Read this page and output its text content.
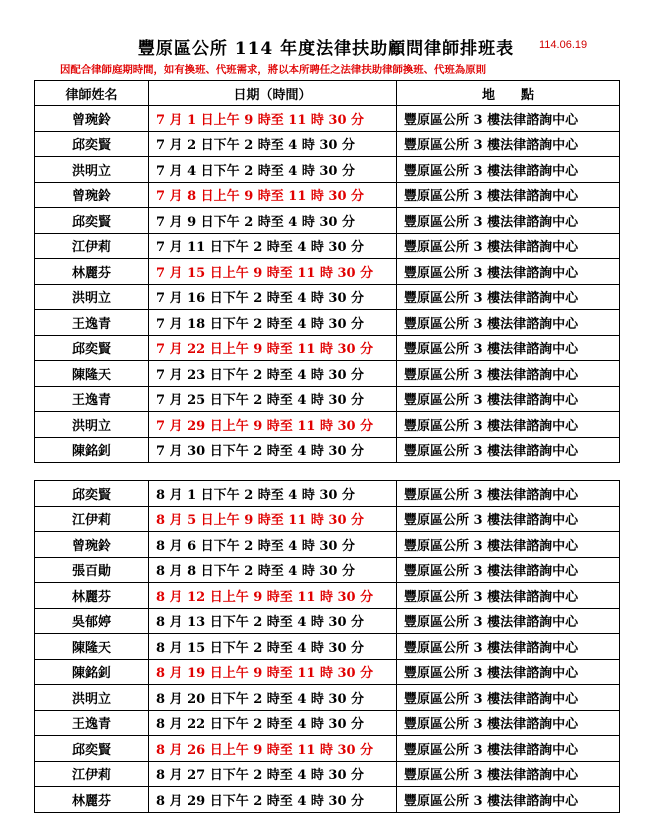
豐原區公所 114 年度法律扶助顧問律師排班表	114.06.19
因配合律師庭期時間，如有換班、代班需求，將以本所聘任之法律扶助律師換班、代班為原則
律師姓名	日期（時間）	地　　點
曾琬鈴	7 月 1 日上午 9 時至 11 時 30 分	豐原區公所 3 樓法律諮詢中心
邱奕賢	7 月 2 日下午 2 時至 4 時 30 分	豐原區公所 3 樓法律諮詢中心
洪明立	7 月 4 日下午 2 時至 4 時 30 分	豐原區公所 3 樓法律諮詢中心
曾琬鈴	7 月 8 日上午 9 時至 11 時 30 分	豐原區公所 3 樓法律諮詢中心
邱奕賢	7 月 9 日下午 2 時至 4 時 30 分	豐原區公所 3 樓法律諮詢中心
江伊莉	7 月 11 日下午 2 時至 4 時 30 分	豐原區公所 3 樓法律諮詢中心
林麗芬	7 月 15 日上午 9 時至 11 時 30 分	豐原區公所 3 樓法律諮詢中心
洪明立	7 月 16 日下午 2 時至 4 時 30 分	豐原區公所 3 樓法律諮詢中心
王逸青	7 月 18 日下午 2 時至 4 時 30 分	豐原區公所 3 樓法律諮詢中心
邱奕賢	7 月 22 日上午 9 時至 11 時 30 分	豐原區公所 3 樓法律諮詢中心
陳隆天	7 月 23 日下午 2 時至 4 時 30 分	豐原區公所 3 樓法律諮詢中心
王逸青	7 月 25 日下午 2 時至 4 時 30 分	豐原區公所 3 樓法律諮詢中心
洪明立	7 月 29 日上午 9 時至 11 時 30 分	豐原區公所 3 樓法律諮詢中心
陳銘釗	7 月 30 日下午 2 時至 4 時 30 分	豐原區公所 3 樓法律諮詢中心
邱奕賢	8 月 1 日下午 2 時至 4 時 30 分	豐原區公所 3 樓法律諮詢中心
江伊莉	8 月 5 日上午 9 時至 11 時 30 分	豐原區公所 3 樓法律諮詢中心
曾琬鈴	8 月 6 日下午 2 時至 4 時 30 分	豐原區公所 3 樓法律諮詢中心
張百勛	8 月 8 日下午 2 時至 4 時 30 分	豐原區公所 3 樓法律諮詢中心
林麗芬	8 月 12 日上午 9 時至 11 時 30 分	豐原區公所 3 樓法律諮詢中心
吳郁婷	8 月 13 日下午 2 時至 4 時 30 分	豐原區公所 3 樓法律諮詢中心
陳隆天	8 月 15 日下午 2 時至 4 時 30 分	豐原區公所 3 樓法律諮詢中心
陳銘釗	8 月 19 日上午 9 時至 11 時 30 分	豐原區公所 3 樓法律諮詢中心
洪明立	8 月 20 日下午 2 時至 4 時 30 分	豐原區公所 3 樓法律諮詢中心
王逸青	8 月 22 日下午 2 時至 4 時 30 分	豐原區公所 3 樓法律諮詢中心
邱奕賢	8 月 26 日上午 9 時至 11 時 30 分	豐原區公所 3 樓法律諮詢中心
江伊莉	8 月 27 日下午 2 時至 4 時 30 分	豐原區公所 3 樓法律諮詢中心
林麗芬	8 月 29 日下午 2 時至 4 時 30 分	豐原區公所 3 樓法律諮詢中心
